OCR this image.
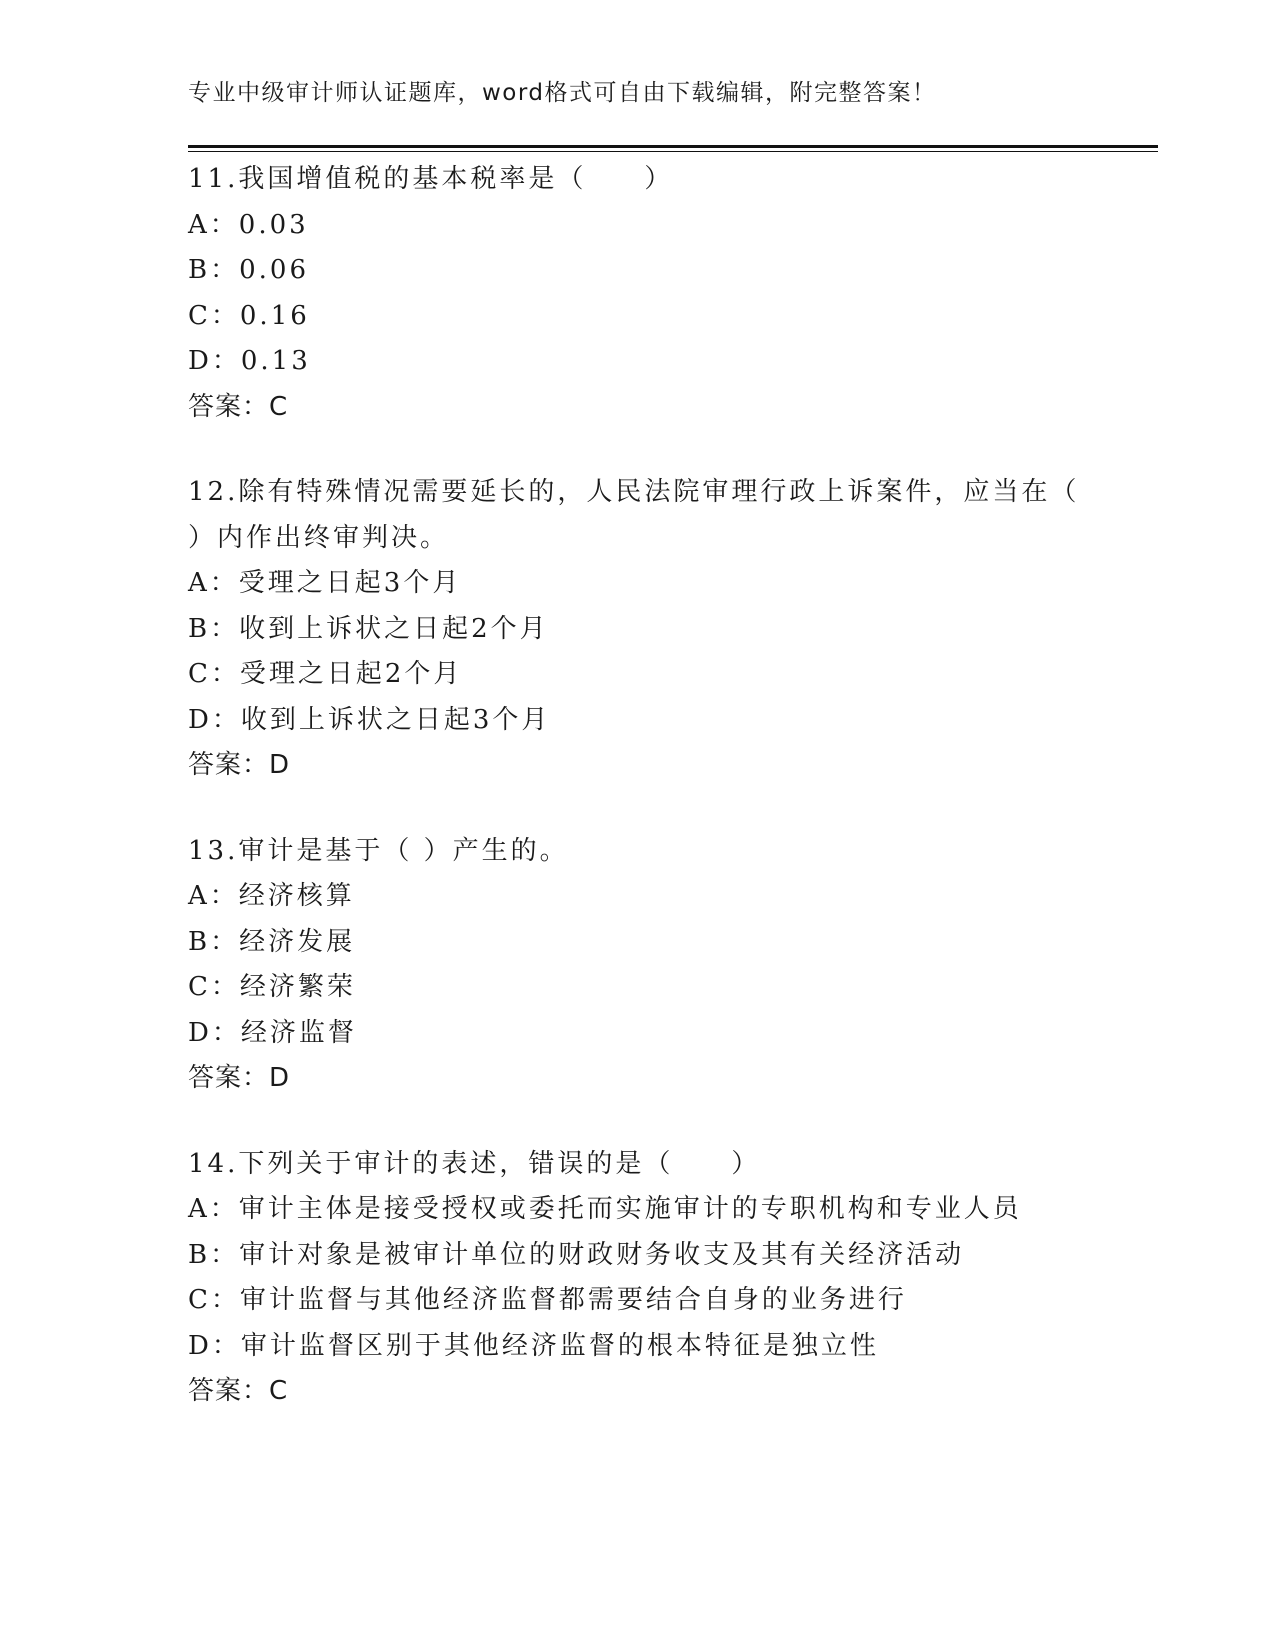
专业中级审计师认证题库，word格式可自由下载编辑，附完整答案！
11.我国增值税的基本税率是（　　）
A：0.03
B：0.06
C：0.16
D：0.13
答案：C
12.除有特殊情况需要延长的，人民法院审理行政上诉案件，应当在（
）内作出终审判决。
A：受理之日起3个月
B：收到上诉状之日起2个月
C：受理之日起2个月
D：收到上诉状之日起3个月
答案：D
13.审计是基于（ ）产生的。
A：经济核算
B：经济发展
C：经济繁荣
D：经济监督
答案：D
14.下列关于审计的表述，错误的是（　　）
A：审计主体是接受授权或委托而实施审计的专职机构和专业人员
B：审计对象是被审计单位的财政财务收支及其有关经济活动
C：审计监督与其他经济监督都需要结合自身的业务进行
D：审计监督区别于其他经济监督的根本特征是独立性
答案：C
